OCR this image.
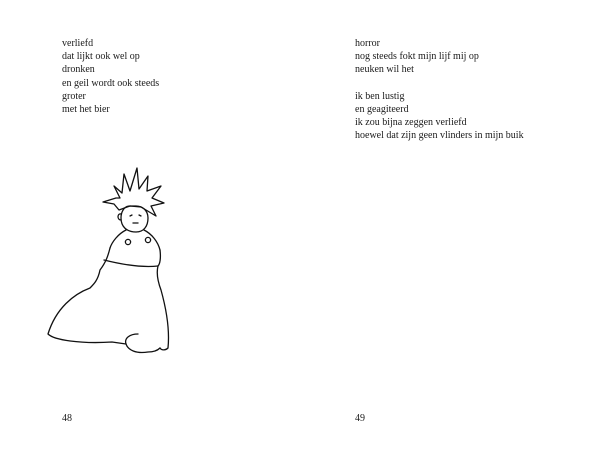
verliefd
dat lijkt ook wel op
dronken
en geil wordt ook steeds
groter
met het bier
48
horror
nog steeds fokt mijn lijf mij op
neuken wil het
ik ben lustig
en geagiteerd
ik zou bijna zeggen verliefd
hoewel dat zijn geen vlinders in mijn buik
49
